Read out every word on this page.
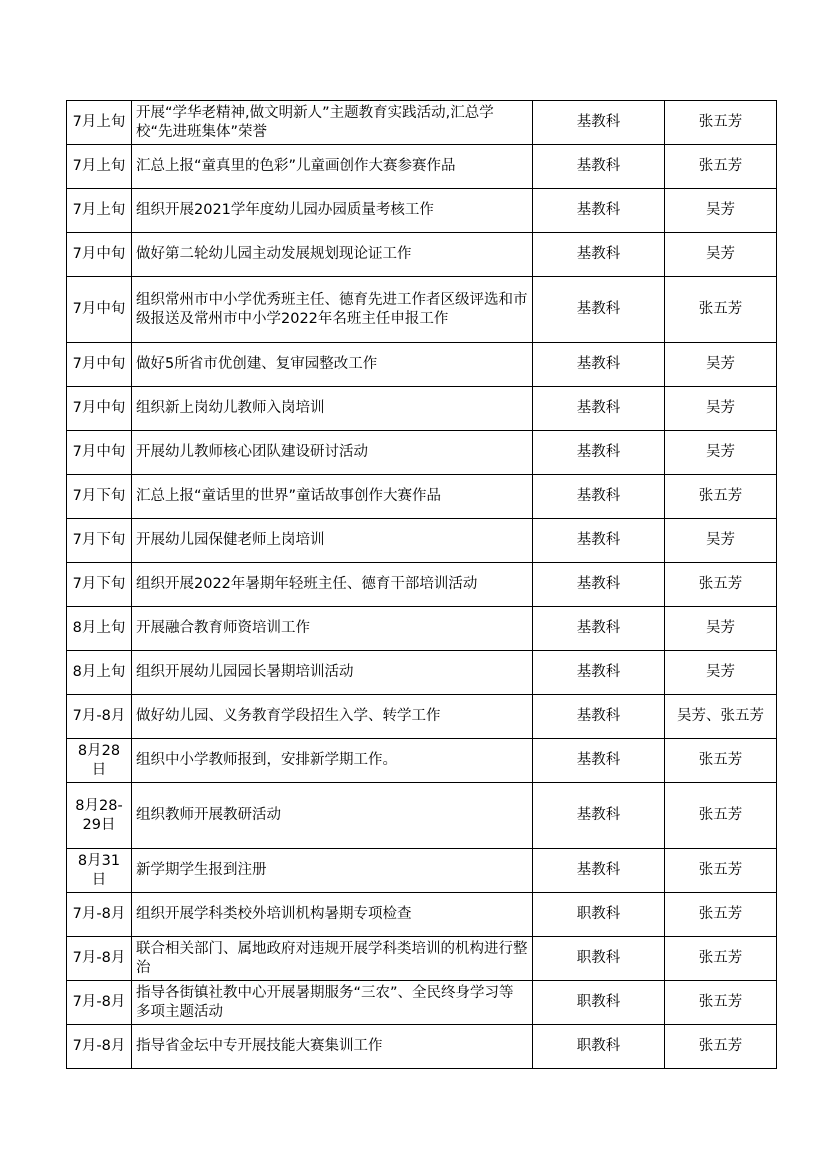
7月上旬	开展“学华老精神,做文明新人”主题教育实践活动,汇总学校“先进班集体”荣誉	基教科	张五芳
7月上旬	汇总上报“童真里的色彩”儿童画创作大赛参赛作品	基教科	张五芳
7月上旬	组织开展2021学年度幼儿园办园质量考核工作	基教科	吴芳
7月中旬	做好第二轮幼儿园主动发展规划现论证工作	基教科	吴芳
7月中旬	组织常州市中小学优秀班主任、德育先进工作者区级评选和市级报送及常州市中小学2022年名班主任申报工作	基教科	张五芳
7月中旬	做好5所省市优创建、复审园整改工作	基教科	吴芳
7月中旬	组织新上岗幼儿教师入岗培训	基教科	吴芳
7月中旬	开展幼儿教师核心团队建设研讨活动	基教科	吴芳
7月下旬	汇总上报“童话里的世界”童话故事创作大赛作品	基教科	张五芳
7月下旬	开展幼儿园保健老师上岗培训	基教科	吴芳
7月下旬	组织开展2022年暑期年轻班主任、德育干部培训活动	基教科	张五芳
8月上旬	开展融合教育师资培训工作	基教科	吴芳
8月上旬	组织开展幼儿园园长暑期培训活动	基教科	吴芳
7月-8月	做好幼儿园、义务教育学段招生入学、转学工作	基教科	吴芳、张五芳
8月28日	组织中小学教师报到，安排新学期工作。	基教科	张五芳
8月28-29日	组织教师开展教研活动	基教科	张五芳
8月31日	新学期学生报到注册	基教科	张五芳
7月-8月	组织开展学科类校外培训机构暑期专项检查	职教科	张五芳
7月-8月	联合相关部门、属地政府对违规开展学科类培训的机构进行整治	职教科	张五芳
7月-8月	指导各街镇社教中心开展暑期服务“三农”、全民终身学习等多项主题活动	职教科	张五芳
7月-8月	指导省金坛中专开展技能大赛集训工作	职教科	张五芳
